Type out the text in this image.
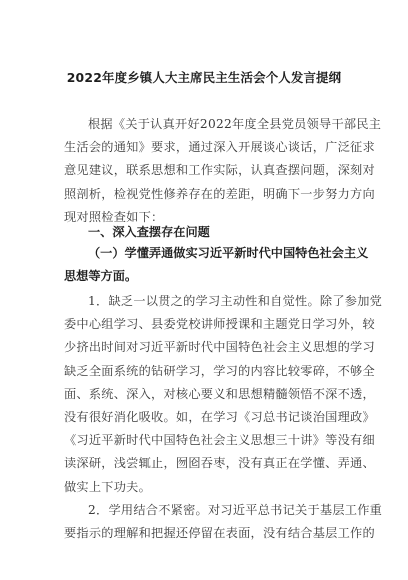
2022年度乡镇人大主席民主生活会个人发言提纲
根据《关于认真开好2022年度全县党员领导干部民主
生活会的通知》要求，通过深入开展谈心谈话，广泛征求
意见建议，联系思想和工作实际，认真查摆问题，深刻对
照剖析，检视党性修养存在的差距，明确下一步努力方向
现对照检查如下：
一、深入查摆存在问题
（一）学懂弄通做实习近平新时代中国特色社会主义
思想等方面。
1．缺乏一以贯之的学习主动性和自觉性。除了参加党
委中心组学习、县委党校讲师授课和主题党日学习外，较
少挤出时间对习近平新时代中国特色社会主义思想的学习
缺乏全面系统的钻研学习，学习的内容比较零碎，不够全
面、系统、深入，对核心要义和思想精髓领悟不深不透，
没有很好消化吸收。如，在学习《习总书记谈治国理政》
《习近平新时代中国特色社会主义思想三十讲》等没有细
读深研，浅尝辄止，囫囵吞枣，没有真正在学懂、弄通、
做实上下功夫。
2．学用结合不紧密。对习近平总书记关于基层工作重
要指示的理解和把握还停留在表面，没有结合基层工作的
